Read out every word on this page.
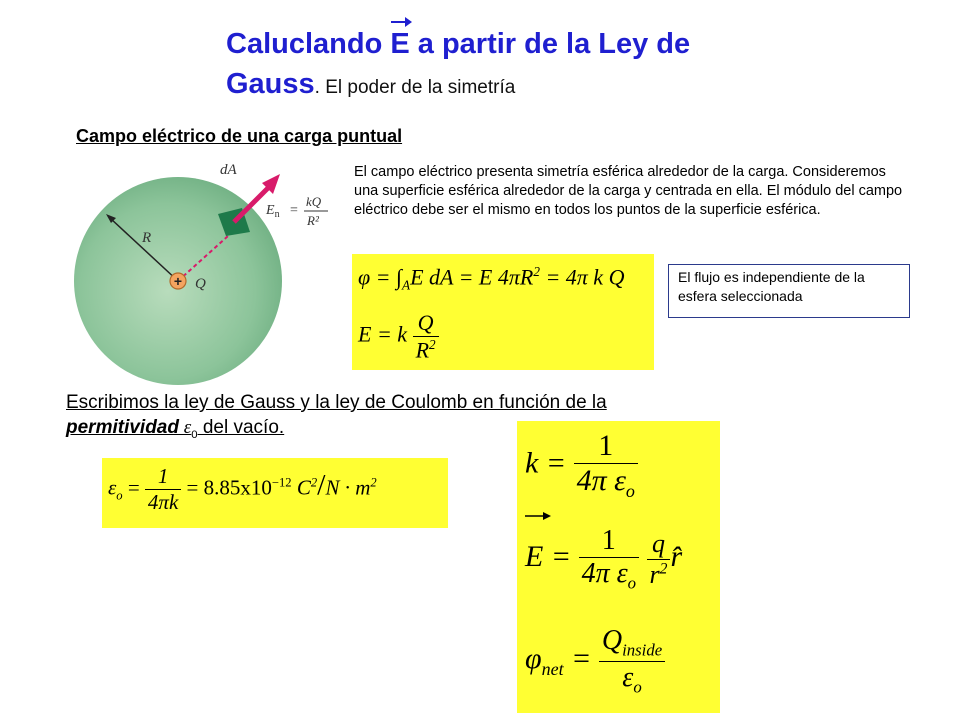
Caluclando E a partir de la Ley de
Gauss. El poder de la simetría
Campo eléctrico de una carga puntual
+ Q
R
dA
$E_n$ =
kQ
R²
El campo eléctrico presenta simetría esférica alrededor de la carga. Consideremos una superficie esférica alrededor de la carga y centrada en ella. El módulo del campo eléctrico debe ser el mismo en todos los puntos de la superficie esférica.
$\varphi = \int_AE$ dA = E $4\pi R^2 = 4\pi$ k Q
E = k $\frac{Q}{R^2}$
El flujo es independiente de la esfera seleccionada
Escribimos la ley de Gauss y la ley de Coulomb en función de la
permitividad $\varepsilon_0$ del vacío.
$\varepsilon_o = \frac{1}{4\pi k} = 8.85x10^{-12}$ $C^2/N \cdot m^2$
$k = \frac{1}{4\pi \varepsilon_o}$
$E = \frac{1}{4\pi \varepsilon_o}$
$\frac{q}{r^2}$ r̂
$\varphi_{net} = \frac{Q_{inside}}{\varepsilon_o}$
